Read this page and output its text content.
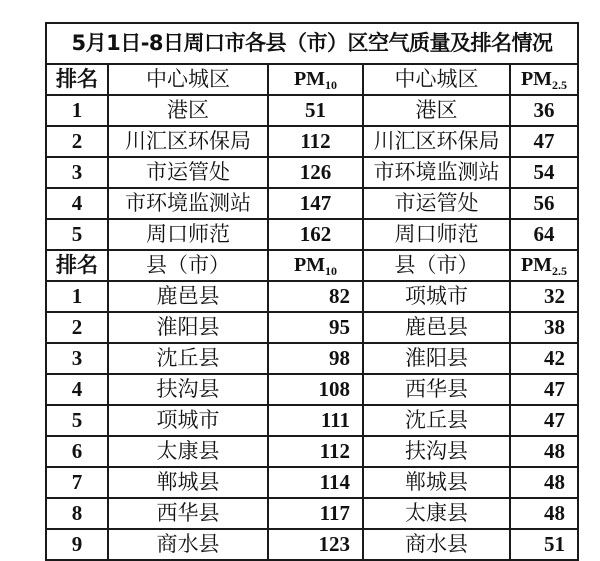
5月1日-8日周口市各县（市）区空气质量及排名情况				
排名	中心城区	$PM_{10}$	中心城区	$PM_{2.5}$
1	港区	51	港区	36
2	川汇区环保局	112	川汇区环保局	47
3	市运管处	126	市环境监测站	54
4	市环境监测站	147	市运管处	56
5	周口师范	162	周口师范	64
排名	县（市）	$PM_{10}$	县（市）	$PM_{2.5}$
1	鹿邑县	82	项城市	32
2	淮阳县	95	鹿邑县	38
3	沈丘县	98	淮阳县	42
4	扶沟县	108	西华县	47
5	项城市	111	沈丘县	47
6	太康县	112	扶沟县	48
7	郸城县	114	郸城县	48
8	西华县	117	太康县	48
9	商水县	123	商水县	51
